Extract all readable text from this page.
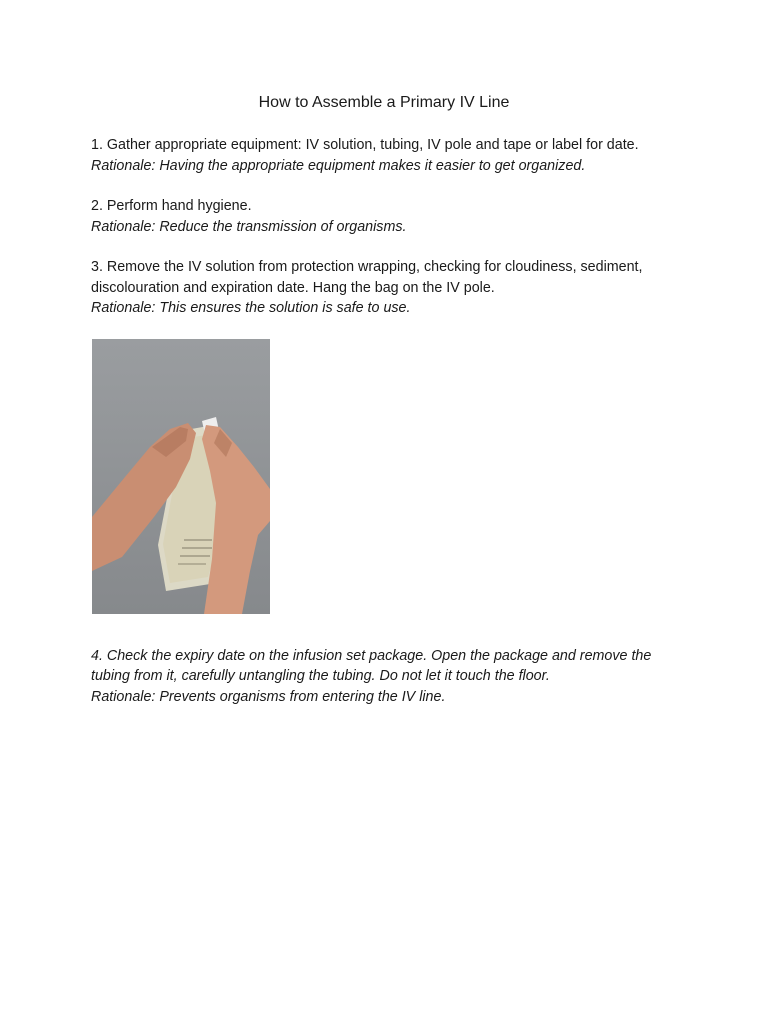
How to Assemble a Primary IV Line

1. Gather appropriate equipment: IV solution, tubing, IV pole and tape or label for date.

Rationale: Having the appropriate equipment makes it easier to get organized.

2. Perform hand hygiene.

Rationale: Reduce the transmission of organisms.

3. Remove the IV solution from protection wrapping, checking for cloudiness, sediment, discolouration and expiration date. Hang the bag on the IV pole.

Rationale: This ensures the solution is safe to use.

4. Check the expiry date on the infusion set package. Open the package and remove the tubing from it, carefully untangling the tubing. Do not let it touch the floor.

Rationale: Prevents organisms from entering the IV line.
